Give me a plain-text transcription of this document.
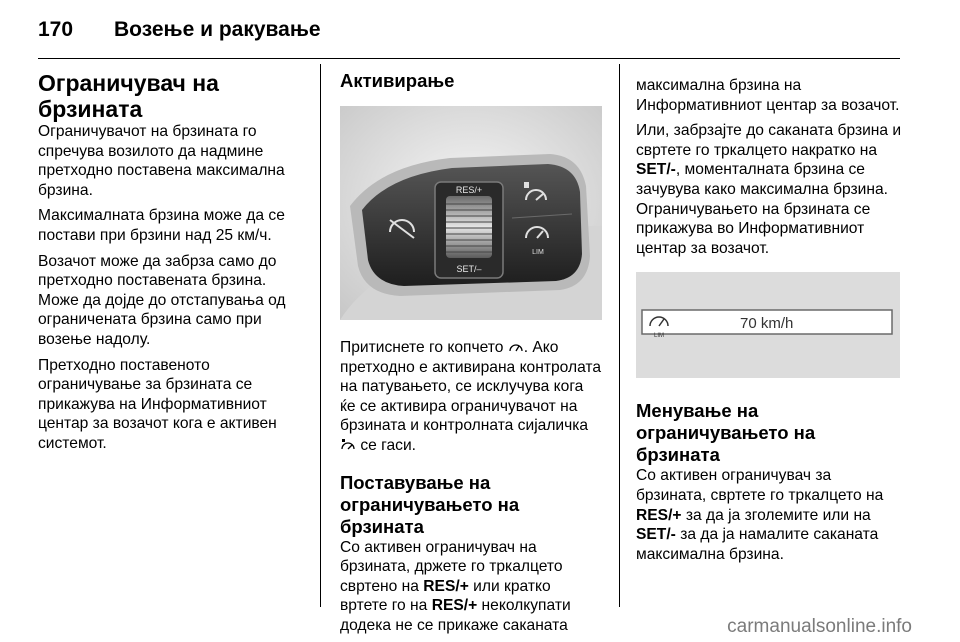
170	Возење и ракување
Ограничувач на брзината

Ограничувачот на брзината го спречува возилото да надмине претходно поставена максимална брзина.

Максималната брзина може да се постави при брзини над 25 км/ч.

Возачот може да забрза само до претходно поставената брзина. Може да дојде до отстапувања од ограничената брзина само при возење надолу.

Претходно поставеното ограничување за брзината се прикажува на Информативниот центар за возачот кога е активен системот.

Активирање
RES/+
SET/–
LIM

Притиснете го копчето . Ако претходно е активирана контролата на патувањето, се исклучува кога ќе се активира ограничувачот на брзината и контролната сијаличка  се гаси.

Поставување на ограничувањето на брзината

Со активен ограничувач на брзината, држете го тркалцето свртено на RES/+ или кратко вртете го на RES/+ неколкупати додека не се прикаже саканата

максимална брзина на Информативниот центар за возачот.

Или, забрзајте до саканата брзина и свртете го тркалцето накратко на SET/-, моменталната брзина се зачувува како максимална брзина. Ограничувањето на брзината се прикажува во Информативниот центар за возачот.

LIM
70 km/h
Менување на ограничувањето на брзината

Со активен ограничувач за брзината, свртете го тркалцето на RES/+ за да ја зголемите или на SET/- за да ја намалите саканата максимална брзина.

carmanualsonline.info
